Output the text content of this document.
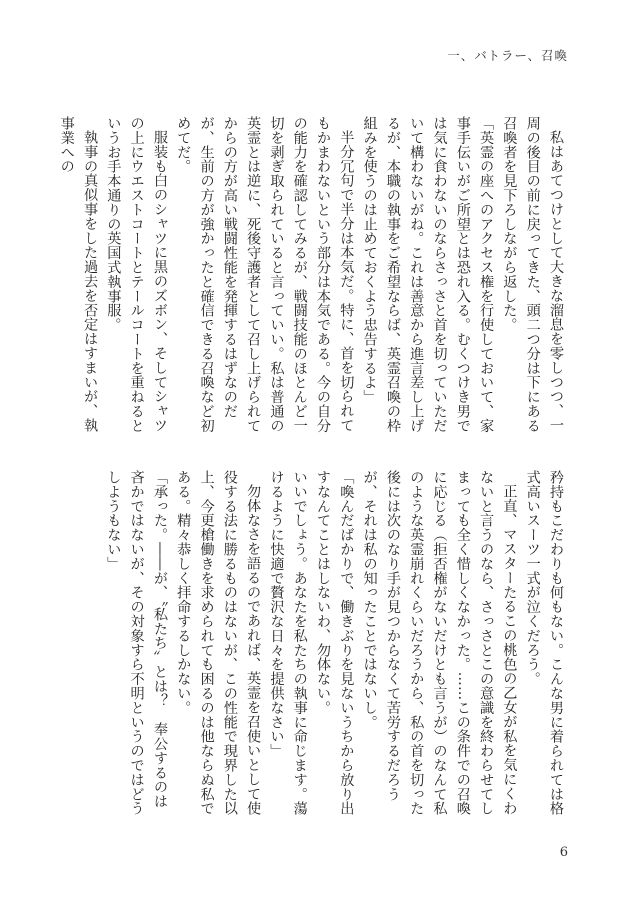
一、バトラー、召喚

私はあてつけとして大きな溜息を零しつつ、一周の後目の前に戻ってきた、頭二つ分は下にある召喚者を見下ろしながら返した。

「英霊の座へのアクセス権を行使しておいて、家事手伝いがご所望とは恐れ入る。むくつけき男では気に食わないのならさっさと首を切っていただいて構わないがね。これは善意から進言差し上げるが、本職の執事をご希望ならば、英霊召喚の枠組みを使うのは止めておくよう忠告するよ」

半分冗句で半分は本気だ。特に、首を切られてもかまわないという部分は本気である。今の自分の能力を確認してみるが、戦闘技能のほとんど一切を剥ぎ取られていると言っていい。私は普通の英霊とは逆に、死後守護者として召し上げられてからの方が高い戦闘性能を発揮するはずなのだが、生前の方が強かったと確信できる召喚など初めてだ。

服装も白のシャツに黒のズボン、そしてシャツの上にウエストコートとテールコートを重ねるというお手本通りの英国式執事服。

執事の真似事をした過去を否定はすまいが、執事業への

矜持もこだわりも何もない。こんな男に着られては格式高いスーツ一式が泣くだろう。

正直、マスターたるこの桃色の乙女が私を気にくわないと言うのなら、さっさとこの意識を終わらせてしまっても全く惜しくなかった。……この条件での召喚に応じる（拒否権がないだけとも言うが）のなんて私のような英霊崩れくらいだろうから、私の首を切った後には次のなり手が見つからなくて苦労するだろうが、それは私の知ったことではないし。

「喚んだばかりで、働きぶりを見ないうちから放り出すなんてことはしないわ、勿体ない。

いいでしょう。あなたを私たちの執事に命じます。蕩けるように快適で贅沢な日々を提供なさい」

勿体なさを語るのであれば、英霊を召使いとして使役する法に勝るものはないが、この性能で現界した以上、今更槍働きを求められても困るのは他ならぬ私である。精々恭しく拝命するしかない。

「承った。――が、〝私たち〟とは？　奉公するのは吝かではないが、その対象すら不明というのではどうしようもない」

6
